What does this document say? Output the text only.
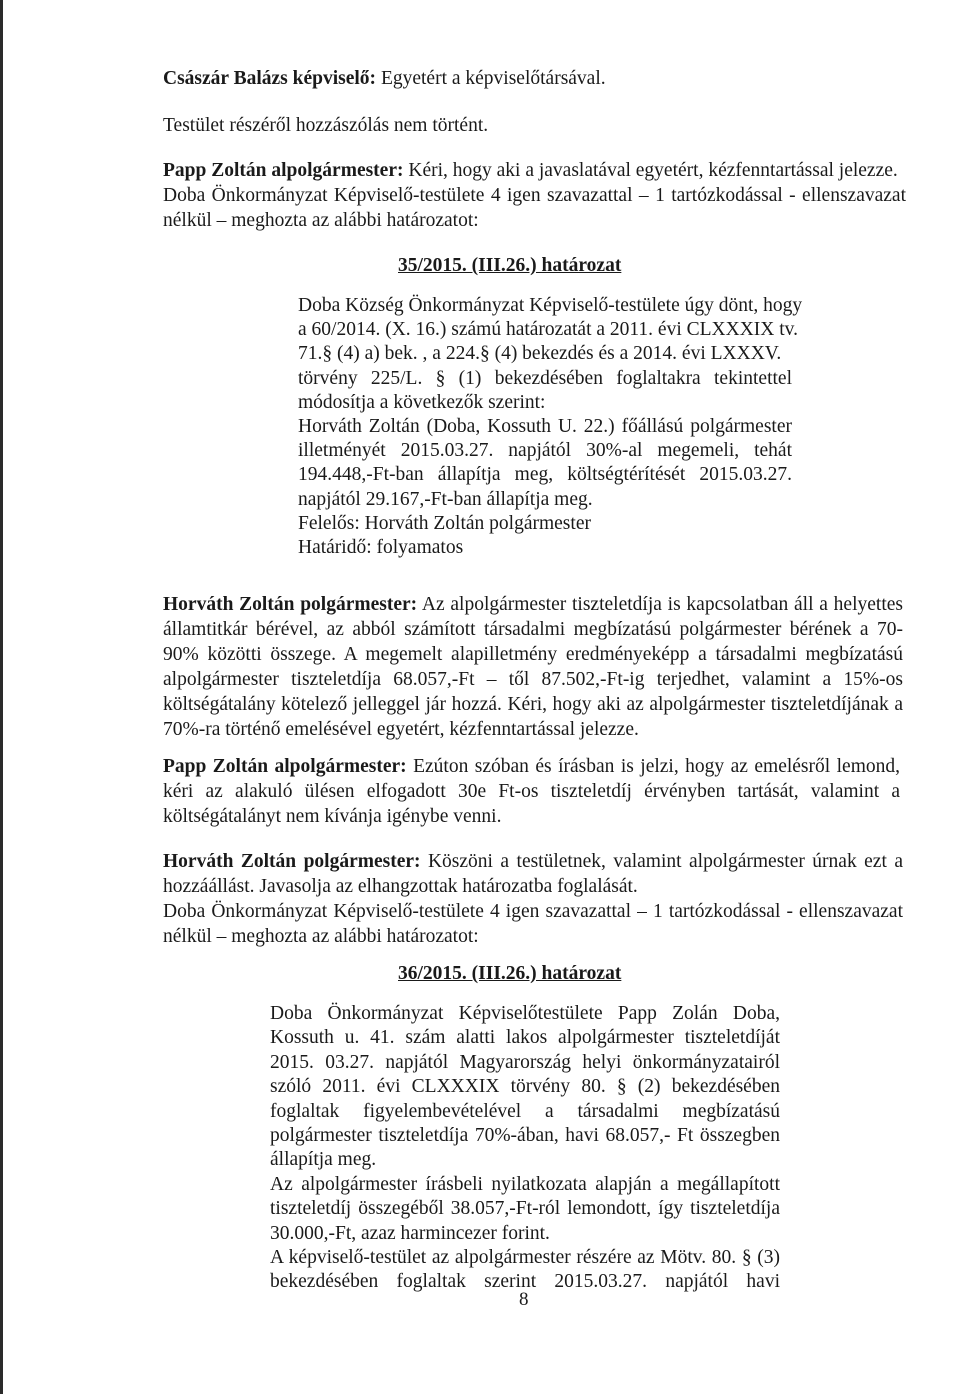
Császár Balázs képviselő: Egyetért a képviselőtársával.

Testület részéről hozzászólás nem történt.

Papp Zoltán alpolgármester: Kéri, hogy aki a javaslatával egyetért, kézfenntartással jelezze.
Doba Önkormányzat Képviselő-testülete 4 igen szavazattal – 1 tartózkodással - ellenszavazat
nélkül – meghozta az alábbi határozatot:

35/2015. (III.26.) határozat

Doba Község Önkormányzat Képviselő-testülete úgy dönt, hogy
a 60/2014. (X. 16.) számú határozatát a 2011. évi CLXXXIX tv.
71.§ (4) a) bek. , a 224.§ (4) bekezdés és a 2014. évi LXXXV.
törvény 225/L. § (1) bekezdésében foglaltakra tekintettel
módosítja a következők szerint:
Horváth Zoltán (Doba, Kossuth U. 22.) főállású polgármester
illetményét 2015.03.27. napjától 30%-al megemeli, tehát
194.448,-Ft-ban állapítja meg, költségtérítését 2015.03.27.
napjától 29.167,-Ft-ban állapítja meg.
Felelős: Horváth Zoltán polgármester
Határidő: folyamatos

Horváth Zoltán polgármester: Az alpolgármester tiszteletdíja is kapcsolatban áll a helyettes
államtitkár bérével, az abból számított társadalmi megbízatású polgármester bérének a 70-
90% közötti összege. A megemelt alapilletmény eredményeképp a társadalmi megbízatású
alpolgármester tiszteletdíja 68.057,-Ft – től 87.502,-Ft-ig terjedhet, valamint a 15%-os
költségátalány kötelező jelleggel jár hozzá. Kéri, hogy aki az alpolgármester tiszteletdíjának a
70%-ra történő emelésével egyetért, kézfenntartással jelezze.

Papp Zoltán alpolgármester: Ezúton szóban és írásban is jelzi, hogy az emelésről lemond,
kéri az alakuló ülésen elfogadott 30e Ft-os tiszteletdíj érvényben tartását, valamint a
költségátalányt nem kívánja igénybe venni.

Horváth Zoltán polgármester: Köszöni a testületnek, valamint alpolgármester úrnak ezt a
hozzáállást. Javasolja az elhangzottak határozatba foglalását.
Doba Önkormányzat Képviselő-testülete 4 igen szavazattal – 1 tartózkodással - ellenszavazat
nélkül – meghozta az alábbi határozatot:

36/2015. (III.26.) határozat

Doba Önkormányzat Képviselőtestülete Papp Zolán Doba,
Kossuth u. 41. szám alatti lakos alpolgármester tiszteletdíját
2015. 03.27. napjától Magyarország helyi önkormányzatairól
szóló 2011. évi CLXXXIX törvény 80. § (2) bekezdésében
foglaltak figyelembevételével a társadalmi megbízatású
polgármester tiszteletdíja 70%-ában, havi 68.057,- Ft összegben
állapítja meg.
Az alpolgármester írásbeli nyilatkozata alapján a megállapított
tiszteletdíj összegéből 38.057,-Ft-ról lemondott, így tiszteletdíja
30.000,-Ft, azaz harmincezer forint.
A képviselő-testület az alpolgármester részére az Mötv. 80. § (3)
bekezdésében foglaltak szerint 2015.03.27. napjától havi

8
